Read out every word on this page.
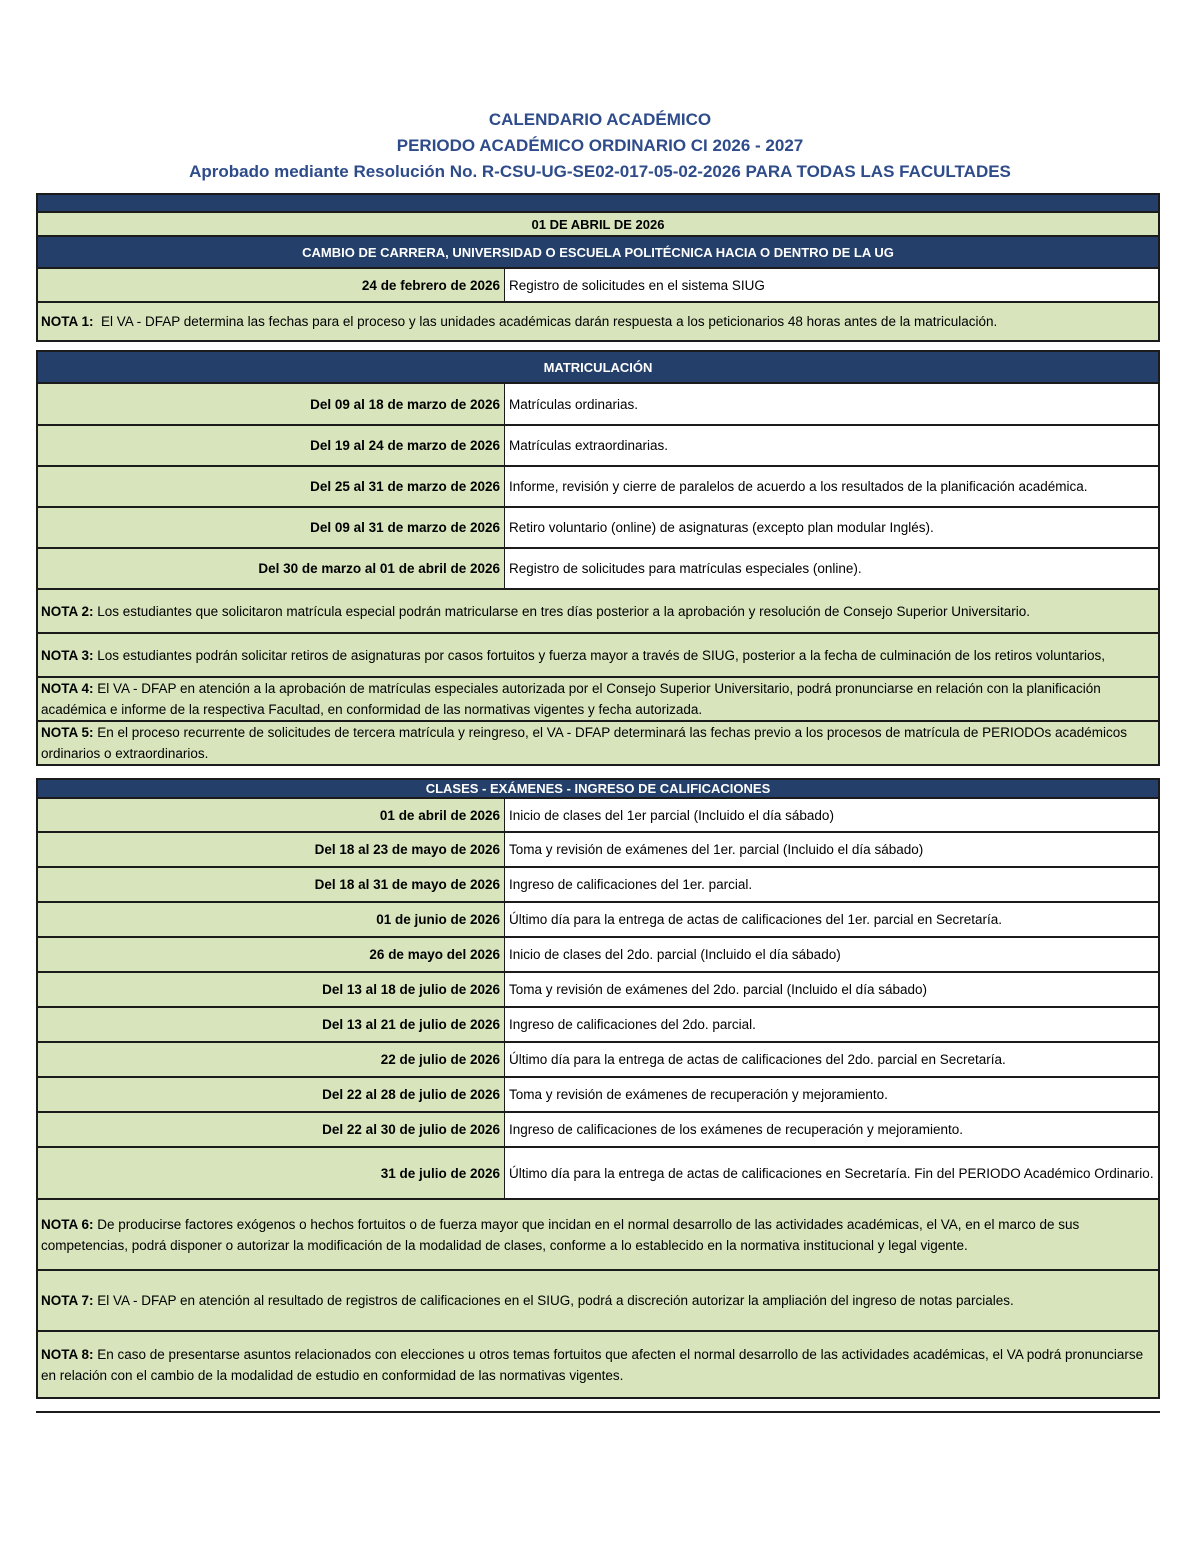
CALENDARIO ACADÉMICO
PERIODO ACADÉMICO ORDINARIO CI 2026 - 2027
Aprobado mediante Resolución No. R-CSU-UG-SE02-017-05-02-2026 PARA TODAS LAS FACULTADES
01 DE ABRIL DE 2026
CAMBIO DE CARRERA, UNIVERSIDAD O ESCUELA POLITÉCNICA HACIA O DENTRO DE LA UG
24 de febrero de 2026 Registro de solicitudes en el sistema SIUG
NOTA 1:  El VA - DFAP determina las fechas para el proceso y las unidades académicas darán respuesta a los peticionarios 48 horas antes de la matriculación.
MATRICULACIÓN
Del 09 al 18 de marzo de 2026 Matrículas ordinarias.
Del 19 al 24 de marzo de 2026 Matrículas extraordinarias.
Del 25 al 31 de marzo de 2026 Informe, revisión y cierre de paralelos de acuerdo a los resultados de la planificación académica.
Del 09 al 31 de marzo de 2026 Retiro voluntario (online) de asignaturas (excepto plan modular Inglés).
Del 30 de marzo al 01 de abril de 2026 Registro de solicitudes para matrículas especiales (online).
NOTA 2: Los estudiantes que solicitaron matrícula especial podrán matricularse en tres días posterior a la aprobación y resolución de Consejo Superior Universitario.
NOTA 3: Los estudiantes podrán solicitar retiros de asignaturas por casos fortuitos y fuerza mayor a través de SIUG, posterior a la fecha de culminación de los retiros voluntarios,
NOTA 4: El VA - DFAP en atención a la aprobación de matrículas especiales autorizada por el Consejo Superior Universitario, podrá pronunciarse en relación con la planificación académica e informe de la respectiva Facultad, en conformidad de las normativas vigentes y fecha autorizada.
NOTA 5: En el proceso recurrente de solicitudes de tercera matrícula y reingreso, el VA - DFAP determinará las fechas previo a los procesos de matrícula de PERIODOs académicos ordinarios o extraordinarios.
CLASES - EXÁMENES - INGRESO DE CALIFICACIONES
01 de abril de 2026 Inicio de clases del 1er parcial (Incluido el día sábado)
Del 18 al 23 de mayo de 2026 Toma y revisión de exámenes del 1er. parcial (Incluido el día sábado)
Del 18 al 31 de mayo de 2026 Ingreso de calificaciones del 1er. parcial.
01 de junio de 2026 Último día para la entrega de actas de calificaciones del 1er. parcial en Secretaría.
26 de mayo del 2026 Inicio de clases del 2do. parcial (Incluido el día sábado)
Del 13 al 18 de julio de 2026 Toma y revisión de exámenes del 2do. parcial (Incluido el día sábado)
Del 13 al 21 de julio de 2026 Ingreso de calificaciones del 2do. parcial.
22 de julio de 2026 Último día para la entrega de actas de calificaciones del 2do. parcial en Secretaría.
Del 22 al 28 de julio de 2026 Toma y revisión de exámenes de recuperación y mejoramiento.
Del 22 al 30 de julio de 2026 Ingreso de calificaciones de los exámenes de recuperación y mejoramiento.
31 de julio de 2026 Último día para la entrega de actas de calificaciones en Secretaría. Fin del PERIODO Académico Ordinario.
NOTA 6: De producirse factores exógenos o hechos fortuitos o de fuerza mayor que incidan en el normal desarrollo de las actividades académicas, el VA, en el marco de sus competencias, podrá disponer o autorizar la modificación de la modalidad de clases, conforme a lo establecido en la normativa institucional y legal vigente.
NOTA 7: El VA - DFAP en atención al resultado de registros de calificaciones en el SIUG, podrá a discreción autorizar la ampliación del ingreso de notas parciales.
NOTA 8: En caso de presentarse asuntos relacionados con elecciones u otros temas fortuitos que afecten el normal desarrollo de las actividades académicas, el VA podrá pronunciarse en relación con el cambio de la modalidad de estudio en conformidad de las normativas vigentes.
